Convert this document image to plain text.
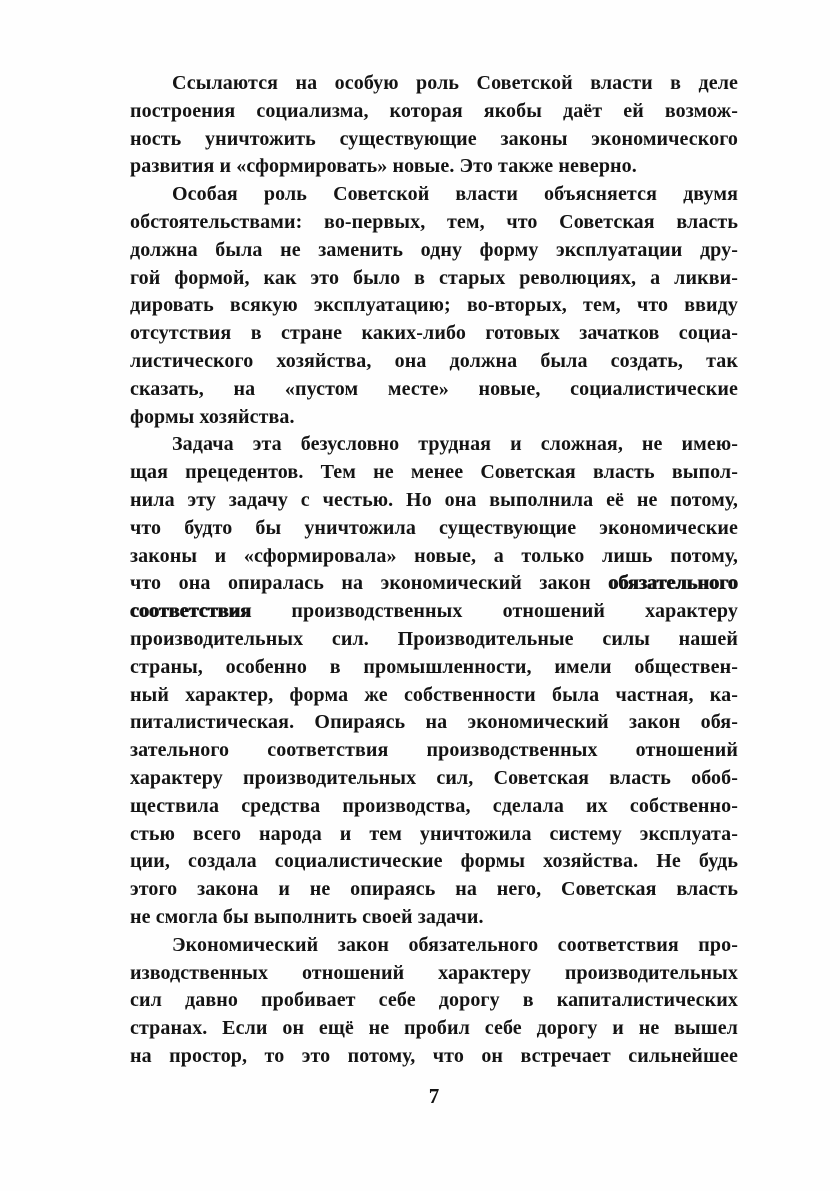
Ссылаются на особую роль Советской власти в деле
построения социализма, которая якобы даёт ей возмож-
ность уничтожить существующие законы экономического
развития и «сформировать» новые. Это также неверно.
Особая роль Советской власти объясняется двумя
обстоятельствами: во-первых, тем, что Советская власть
должна была не заменить одну форму эксплуатации дру-
гой формой, как это было в старых революциях, а ликви-
дировать всякую эксплуатацию; во-вторых, тем, что ввиду
отсутствия в стране каких-либо готовых зачатков социа-
листического хозяйства, она должна была создать, так
сказать, на «пустом месте» новые, социалистические
формы хозяйства.
Задача эта безусловно трудная и сложная, не имею-
щая прецедентов. Тем не менее Советская власть выпол-
нила эту задачу с честью. Но она выполнила её не потому,
что будто бы уничтожила существующие экономические
законы и «сформировала» новые, а только лишь потому,
что она опиралась на экономический закон обязательного
соответствия производственных отношений характеру
производительных сил. Производительные силы нашей
страны, особенно в промышленности, имели обществен-
ный характер, форма же собственности была частная, ка-
питалистическая. Опираясь на экономический закон обя-
зательного соответствия производственных отношений
характеру производительных сил, Советская власть обоб-
ществила средства производства, сделала их собственно-
стью всего народа и тем уничтожила систему эксплуата-
ции, создала социалистические формы хозяйства. Не будь
этого закона и не опираясь на него, Советская власть
не смогла бы выполнить своей задачи.
Экономический закон обязательного соответствия про-
изводственных отношений характеру производительных
сил давно пробивает себе дорогу в капиталистических
странах. Если он ещё не пробил себе дорогу и не вышел
на простор, то это потому, что он встречает сильнейшее
7
